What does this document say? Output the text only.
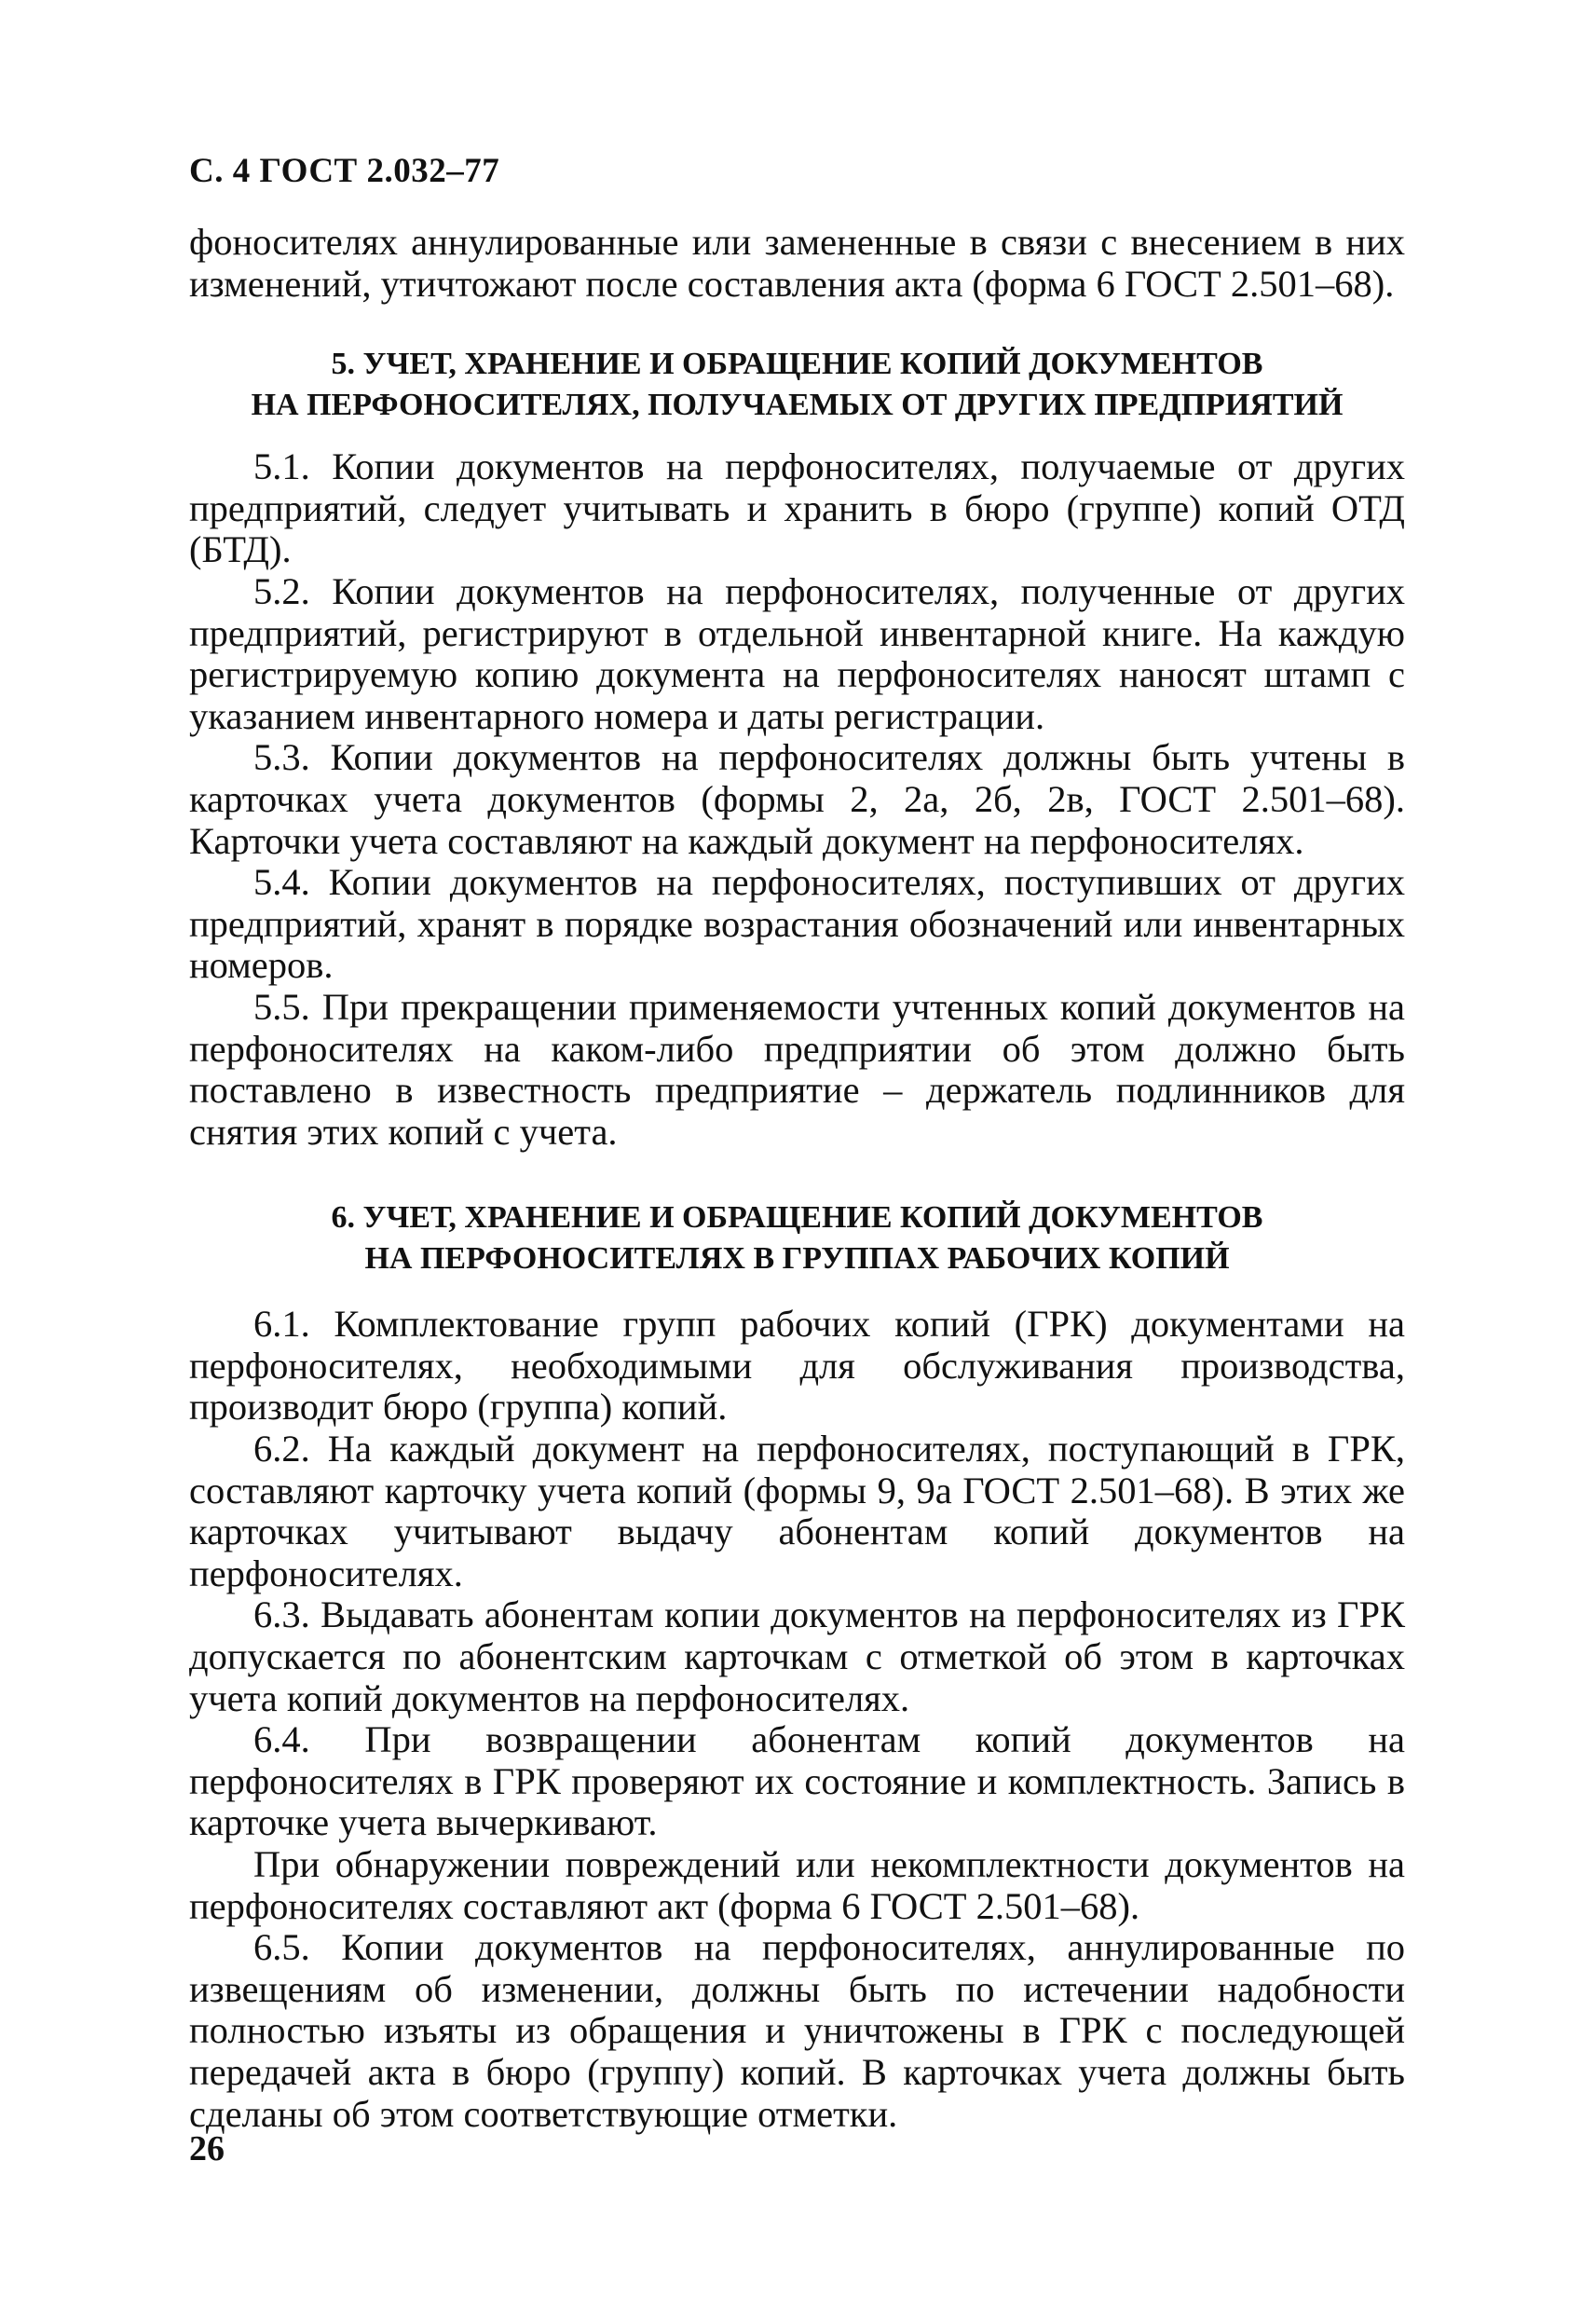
С. 4 ГОСТ 2.032–77

фоносителях аннулированные или замененные в связи с внесением в них изменений, утичтожают после составления акта (форма 6 ГОСТ 2.501–68).

5. УЧЕТ, ХРАНЕНИЕ И ОБРАЩЕНИЕ КОПИЙ ДОКУМЕНТОВ
НА ПЕРФОНОСИТЕЛЯХ, ПОЛУЧАЕМЫХ ОТ ДРУГИХ ПРЕДПРИЯТИЙ

5.1. Копии документов на перфоносителях, получаемые от других предприятий, следует учитывать и хранить в бюро (группе) копий ОТД (БТД).

5.2. Копии документов на перфоносителях, полученные от других предприятий, регистрируют в отдельной инвентарной книге. На каждую регистрируемую копию документа на перфоносителях наносят штамп с указанием инвентарного номера и даты регистрации.

5.3. Копии документов на перфоносителях должны быть учтены в карточках учета документов (формы 2, 2а, 2б, 2в, ГОСТ 2.501–68). Карточки учета составляют на каждый документ на перфоносителях.

5.4. Копии документов на перфоносителях, поступивших от других предприятий, хранят в порядке возрастания обозначений или инвентарных номеров.

5.5. При прекращении применяемости учтенных копий документов на перфоносителях на каком-либо предприятии об этом должно быть поставлено в известность предприятие – держатель подлинников для снятия этих копий с учета.

6. УЧЕТ, ХРАНЕНИЕ И ОБРАЩЕНИЕ КОПИЙ ДОКУМЕНТОВ
НА ПЕРФОНОСИТЕЛЯХ В ГРУППАХ РАБОЧИХ КОПИЙ

6.1. Комплектование групп рабочих копий (ГРК) документами на перфоносителях, необходимыми для обслуживания производства, производит бюро (группа) копий.

6.2. На каждый документ на перфоносителях, поступающий в ГРК, составляют карточку учета копий (формы 9, 9а ГОСТ 2.501–68). В этих же карточках учитывают выдачу абонентам копий документов на перфоносителях.

6.3. Выдавать абонентам копии документов на перфоносителях из ГРК допускается по абонентским карточкам с отметкой об этом в карточках учета копий документов на перфоносителях.

6.4. При возвращении абонентам копий документов на перфоносителях в ГРК проверяют их состояние и комплектность. Запись в карточке учета вычеркивают.

При обнаружении повреждений или некомплектности документов на перфоносителях составляют акт (форма 6 ГОСТ 2.501–68).

6.5. Копии документов на перфоносителях, аннулированные по извещениям об изменении, должны быть по истечении надобности полностью изъяты из обращения и уничтожены в ГРК с последующей передачей акта в бюро (группу) копий. В карточках учета должны быть сделаны об этом соответствующие отметки.

26
